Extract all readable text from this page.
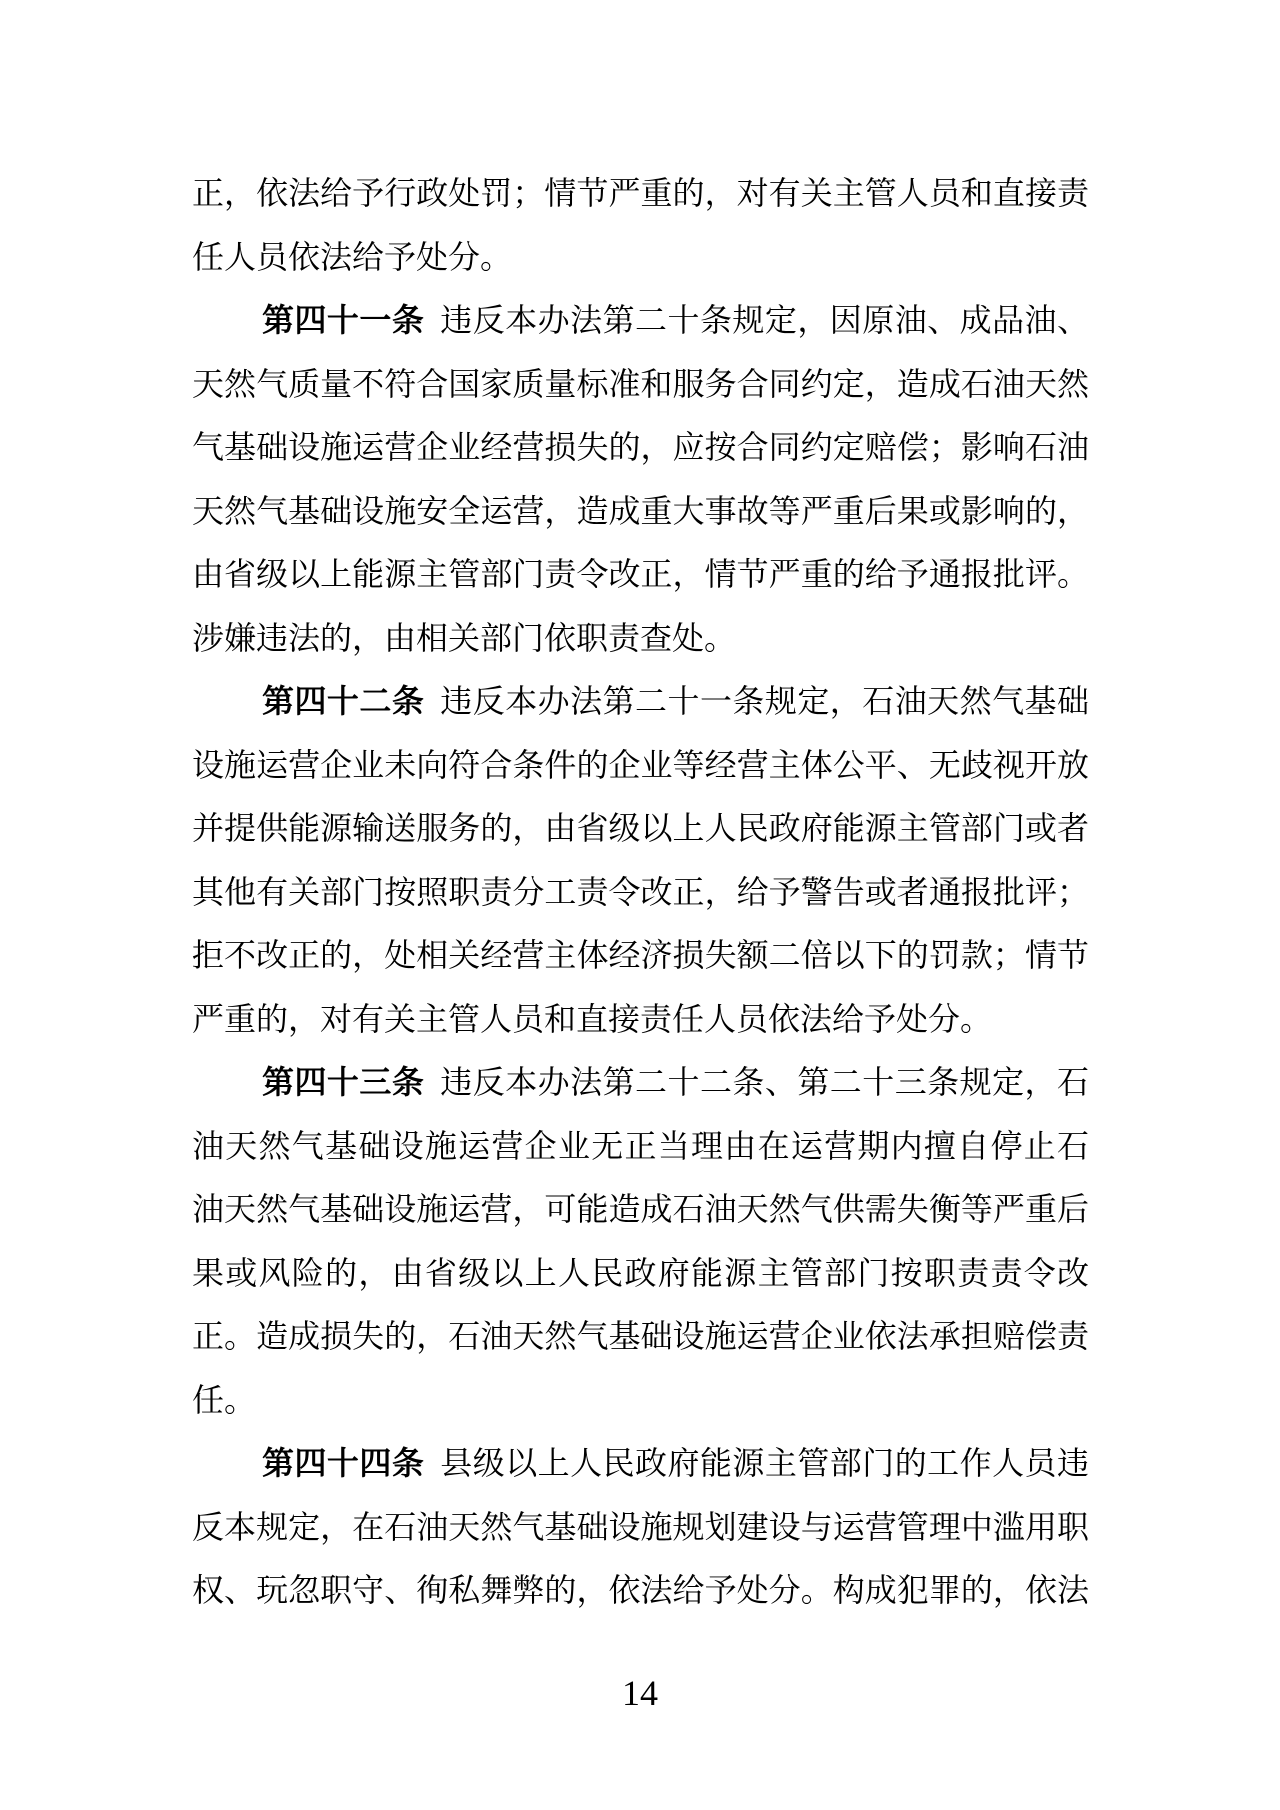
正，依法给予行政处罚；情节严重的，对有关主管人员和直接责
任人员依法给予处分。
第四十一条 违反本办法第二十条规定，因原油、成品油、
天然气质量不符合国家质量标准和服务合同约定，造成石油天然
气基础设施运营企业经营损失的，应按合同约定赔偿；影响石油
天然气基础设施安全运营，造成重大事故等严重后果或影响的，
由省级以上能源主管部门责令改正，情节严重的给予通报批评。
涉嫌违法的，由相关部门依职责查处。
第四十二条 违反本办法第二十一条规定，石油天然气基础
设施运营企业未向符合条件的企业等经营主体公平、无歧视开放
并提供能源输送服务的，由省级以上人民政府能源主管部门或者
其他有关部门按照职责分工责令改正，给予警告或者通报批评；
拒不改正的，处相关经营主体经济损失额二倍以下的罚款；情节
严重的，对有关主管人员和直接责任人员依法给予处分。
第四十三条 违反本办法第二十二条、第二十三条规定，石
油天然气基础设施运营企业无正当理由在运营期内擅自停止石
油天然气基础设施运营，可能造成石油天然气供需失衡等严重后
果或风险的，由省级以上人民政府能源主管部门按职责责令改
正。造成损失的，石油天然气基础设施运营企业依法承担赔偿责
任。
第四十四条 县级以上人民政府能源主管部门的工作人员违
反本规定，在石油天然气基础设施规划建设与运营管理中滥用职
权、玩忽职守、徇私舞弊的，依法给予处分。构成犯罪的，依法
14
